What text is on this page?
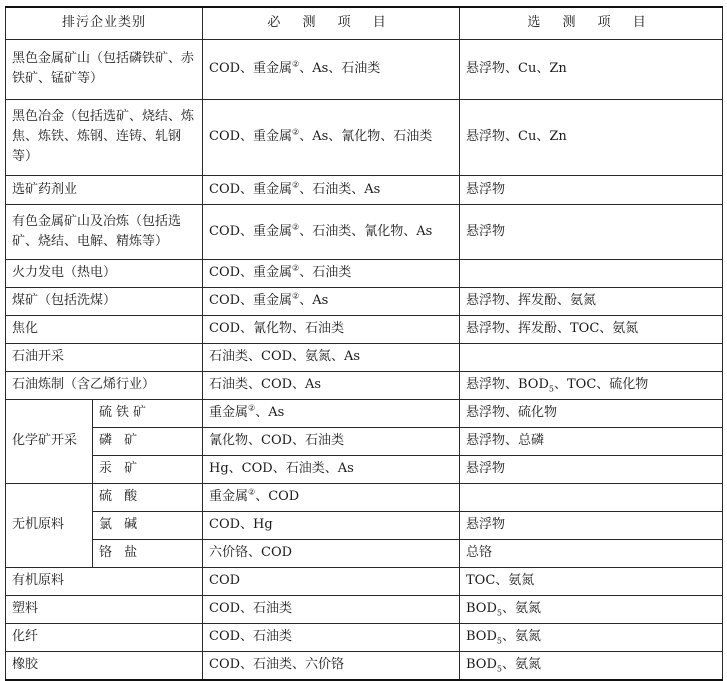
排污企业类别		必 测 项 目	选 测 项 目
黑色金属矿山（包括磷铁矿、赤铁矿、锰矿等）		COD、重金属②、As、石油类	悬浮物、Cu、Zn
黑色冶金（包括选矿、烧结、炼焦、炼铁、炼钢、连铸、轧钢等）		COD、重金属②、As、氰化物、石油类	悬浮物、Cu、Zn
选矿药剂业		COD、重金属②、石油类、As	悬浮物
有色金属矿山及冶炼（包括选矿、烧结、电解、精炼等）		COD、重金属②、石油类、氰化物、As	悬浮物
火力发电（热电）		COD、重金属②、石油类	
煤矿（包括洗煤）		COD、重金属②、As	悬浮物、挥发酚、氨氮
焦化		COD、氰化物、石油类	悬浮物、挥发酚、TOC、氨氮
石油开采		石油类、COD、氨氮、As	
石油炼制（含乙烯行业）		石油类、COD、As	悬浮物、$BOD_5$、TOC、硫化物
化学矿开采	硫铁矿	重金属②、As	悬浮物、硫化物
	磷 矿	氰化物、COD、石油类	悬浮物、总磷
	汞 矿	Hg、COD、石油类、As	悬浮物
无机原料	硫 酸	重金属②、COD	
	氯 碱	COD、Hg	悬浮物
	铬 盐	六价铬、COD	总铬
有机原料		COD	TOC、氨氮
塑料		COD、石油类	$BOD_5$、氨氮
化纤		COD、石油类	$BOD_5$、氨氮
橡胶		COD、石油类、六价铬	$BOD_5$、氨氮
